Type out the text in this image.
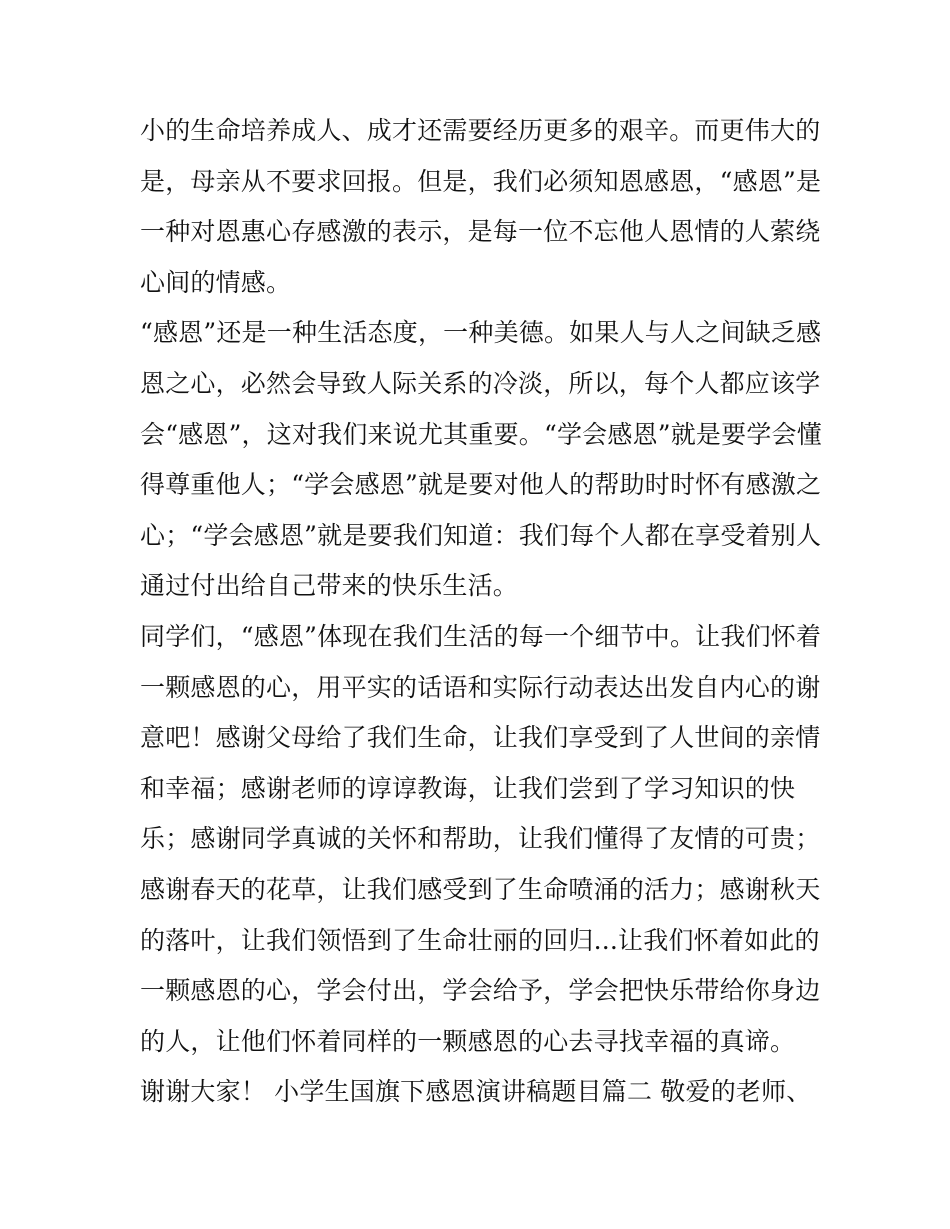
小的生命培养成人、成才还需要经历更多的艰辛。而更伟大的
是，母亲从不要求回报。但是，我们必须知恩感恩，“感恩”是
一种对恩惠心存感激的表示，是每一位不忘他人恩情的人萦绕
心间的情感。
“感恩”还是一种生活态度，一种美德。如果人与人之间缺乏感
恩之心，必然会导致人际关系的冷淡，所以，每个人都应该学
会“感恩”，这对我们来说尤其重要。“学会感恩”就是要学会懂
得尊重他人；“学会感恩”就是要对他人的帮助时时怀有感激之
心；“学会感恩”就是要我们知道：我们每个人都在享受着别人
通过付出给自己带来的快乐生活。
同学们，“感恩”体现在我们生活的每一个细节中。让我们怀着
一颗感恩的心，用平实的话语和实际行动表达出发自内心的谢
意吧！感谢父母给了我们生命，让我们享受到了人世间的亲情
和幸福；感谢老师的谆谆教诲，让我们尝到了学习知识的快
乐；感谢同学真诚的关怀和帮助，让我们懂得了友情的可贵；
感谢春天的花草，让我们感受到了生命喷涌的活力；感谢秋天
的落叶，让我们领悟到了生命壮丽的回归...让我们怀着如此的
一颗感恩的心，学会付出，学会给予，学会把快乐带给你身边
的人，让他们怀着同样的一颗感恩的心去寻找幸福的真谛。
谢谢大家！ 小学生国旗下感恩演讲稿题目篇二 敬爱的老师、
